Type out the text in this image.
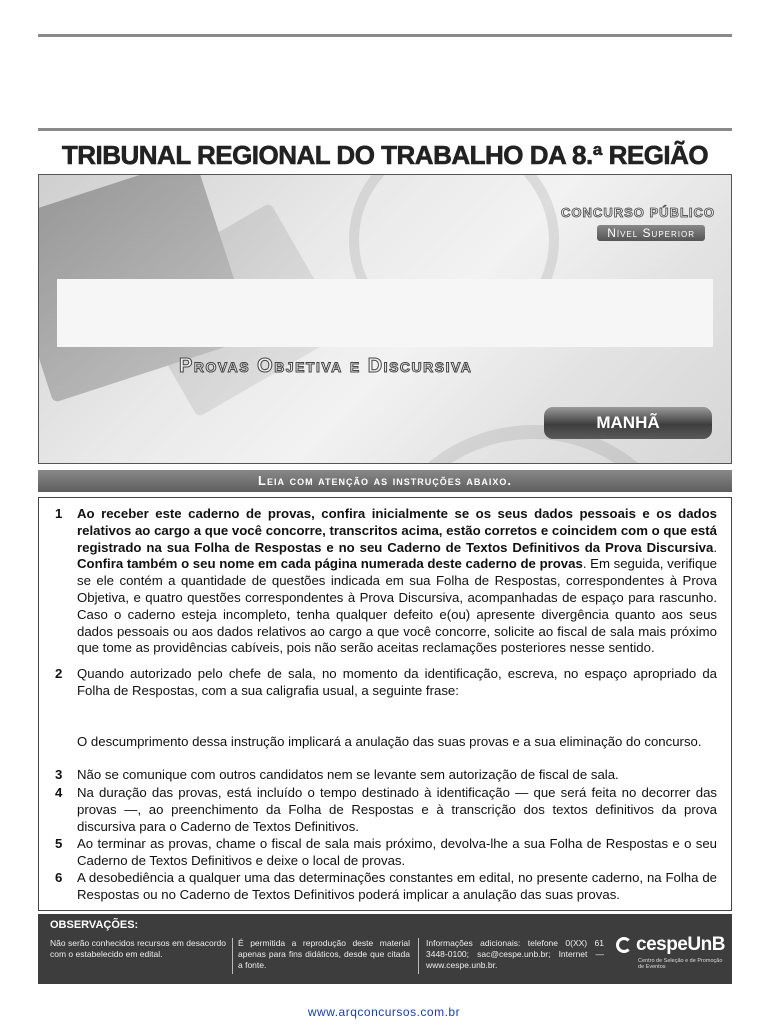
TRIBUNAL REGIONAL DO TRABALHO DA 8.ª REGIÃO
CONCURSO PÚBLICO
Nível Superior
Provas Objetiva e Discursiva
MANHÃ
Leia com atenção as instruções abaixo.
1	Ao receber este caderno de provas, confira inicialmente se os seus dados pessoais e os dados relativos ao cargo a que você concorre, transcritos acima, estão corretos e coincidem com o que está registrado na sua Folha de Respostas e no seu Caderno de Textos Definitivos da Prova Discursiva. Confira também o seu nome em cada página numerada deste caderno de provas. Em seguida, verifique se ele contém a quantidade de questões indicada em sua Folha de Respostas, correspondentes à Prova Objetiva, e quatro questões correspondentes à Prova Discursiva, acompanhadas de espaço para rascunho. Caso o caderno esteja incompleto, tenha qualquer defeito e(ou) apresente divergência quanto aos seus dados pessoais ou aos dados relativos ao cargo a que você concorre, solicite ao fiscal de sala mais próximo que tome as providências cabíveis, pois não serão aceitas reclamações posteriores nesse sentido.
2	Quando autorizado pelo chefe de sala, no momento da identificação, escreva, no espaço apropriado da Folha de Respostas, com a sua caligrafia usual, a seguinte frase:
O descumprimento dessa instrução implicará a anulação das suas provas e a sua eliminação do concurso.
3	Não se comunique com outros candidatos nem se levante sem autorização de fiscal de sala.
4	Na duração das provas, está incluído o tempo destinado à identificação — que será feita no decorrer das provas —, ao preenchimento da Folha de Respostas e à transcrição dos textos definitivos da prova discursiva para o Caderno de Textos Definitivos.
5	Ao terminar as provas, chame o fiscal de sala mais próximo, devolva-lhe a sua Folha de Respostas e o seu Caderno de Textos Definitivos e deixe o local de provas.
6	A desobediência a qualquer uma das determinações constantes em edital, no presente caderno, na Folha de Respostas ou no Caderno de Textos Definitivos poderá implicar a anulação das suas provas.
OBSERVAÇÕES:
Não serão conhecidos recursos em desacordo com o estabelecido em edital.
É permitida a reprodução deste material apenas para fins didáticos, desde que citada a fonte.
Informações adicionais: telefone 0(XX) 61 3448-0100; sac@cespe.unb.br; Internet — www.cespe.unb.br.
cespeUnB
Centro de Seleção e de Promoção de Eventos
www.arqconcursos.com.br
